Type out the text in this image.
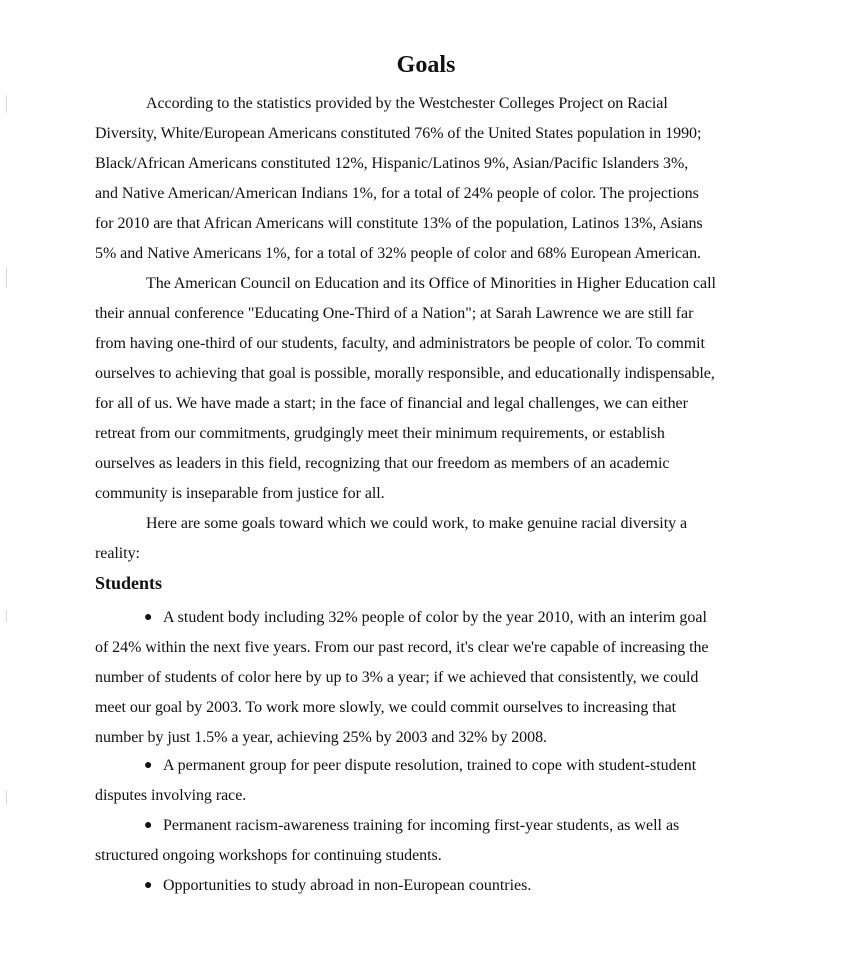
Goals
According to the statistics provided by the Westchester Colleges Project on Racial
Diversity, White/European Americans constituted 76% of the United States population in 1990;
Black/African Americans constituted 12%, Hispanic/Latinos 9%, Asian/Pacific Islanders 3%,
and Native American/American Indians 1%, for a total of 24% people of color. The projections
for 2010 are that African Americans will constitute 13% of the population, Latinos 13%, Asians
5% and Native Americans 1%, for a total of 32% people of color and 68% European American.
The American Council on Education and its Office of Minorities in Higher Education call
their annual conference "Educating One-Third of a Nation"; at Sarah Lawrence we are still far
from having one-third of our students, faculty, and administrators be people of color. To commit
ourselves to achieving that goal is possible, morally responsible, and educationally indispensable,
for all of us. We have made a start; in the face of financial and legal challenges, we can either
retreat from our commitments, grudgingly meet their minimum requirements, or establish
ourselves as leaders in this field, recognizing that our freedom as members of an academic
community is inseparable from justice for all.
Here are some goals toward which we could work, to make genuine racial diversity a
reality:
Students
● A student body including 32% people of color by the year 2010, with an interim goal
of 24% within the next five years. From our past record, it's clear we're capable of increasing the
number of students of color here by up to 3% a year; if we achieved that consistently, we could
meet our goal by 2003. To work more slowly, we could commit ourselves to increasing that
number by just 1.5% a year, achieving 25% by 2003 and 32% by 2008.
● A permanent group for peer dispute resolution, trained to cope with student-student
disputes involving race.
● Permanent racism-awareness training for incoming first-year students, as well as
structured ongoing workshops for continuing students.
● Opportunities to study abroad in non-European countries.
